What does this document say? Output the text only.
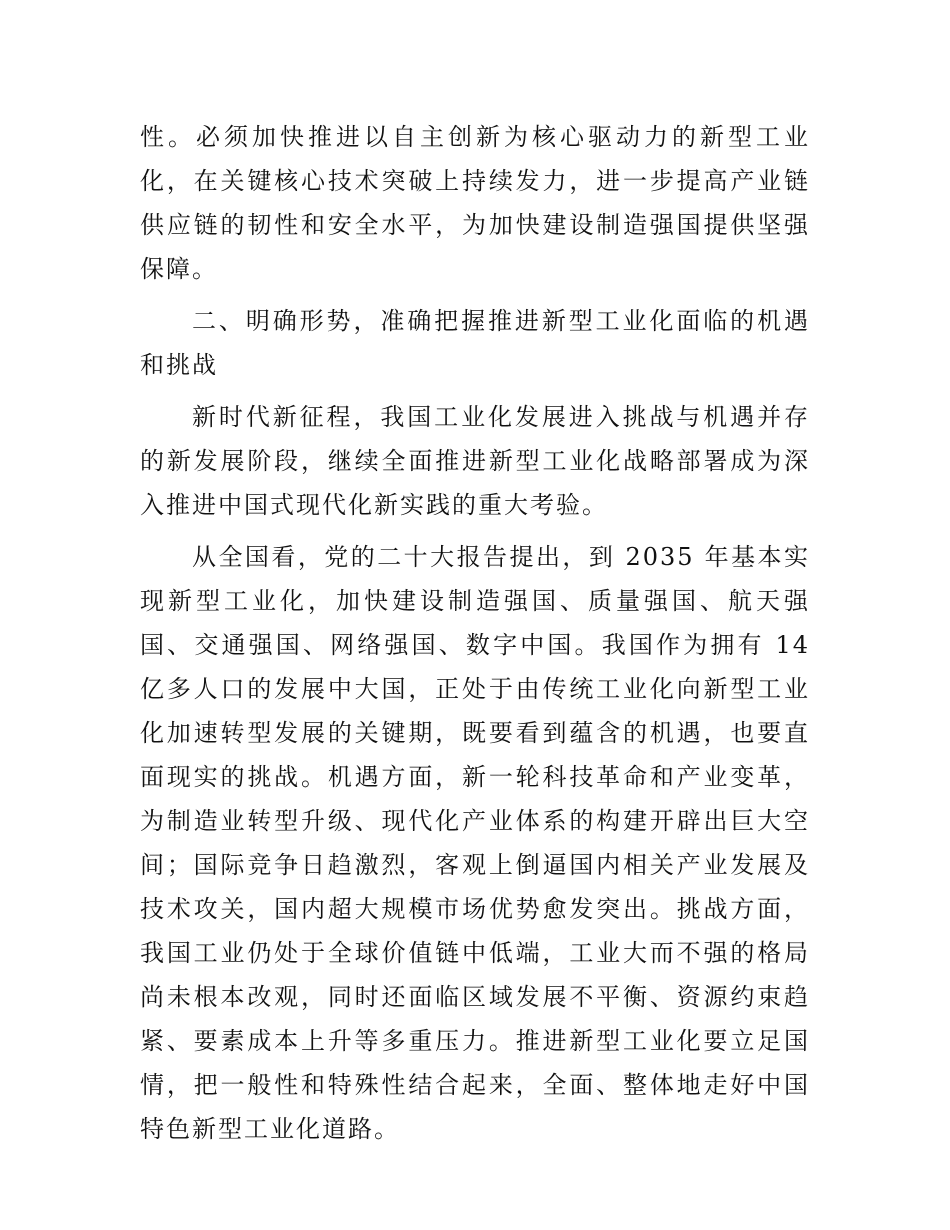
性。必须加快推进以自主创新为核心驱动力的新型工业化，在关键核心技术突破上持续发力，进一步提高产业链供应链的韧性和安全水平，为加快建设制造强国提供坚强保障。

二、明确形势，准确把握推进新型工业化面临的机遇和挑战

新时代新征程，我国工业化发展进入挑战与机遇并存的新发展阶段，继续全面推进新型工业化战略部署成为深入推进中国式现代化新实践的重大考验。

从全国看，党的二十大报告提出，到 2035 年基本实现新型工业化，加快建设制造强国、质量强国、航天强国、交通强国、网络强国、数字中国。我国作为拥有 14 亿多人口的发展中大国，正处于由传统工业化向新型工业化加速转型发展的关键期，既要看到蕴含的机遇，也要直面现实的挑战。机遇方面，新一轮科技革命和产业变革，为制造业转型升级、现代化产业体系的构建开辟出巨大空间；国际竞争日趋激烈，客观上倒逼国内相关产业发展及技术攻关，国内超大规模市场优势愈发突出。挑战方面，我国工业仍处于全球价值链中低端，工业大而不强的格局尚未根本改观，同时还面临区域发展不平衡、资源约束趋紧、要素成本上升等多重压力。推进新型工业化要立足国情，把一般性和特殊性结合起来，全面、整体地走好中国特色新型工业化道路。
